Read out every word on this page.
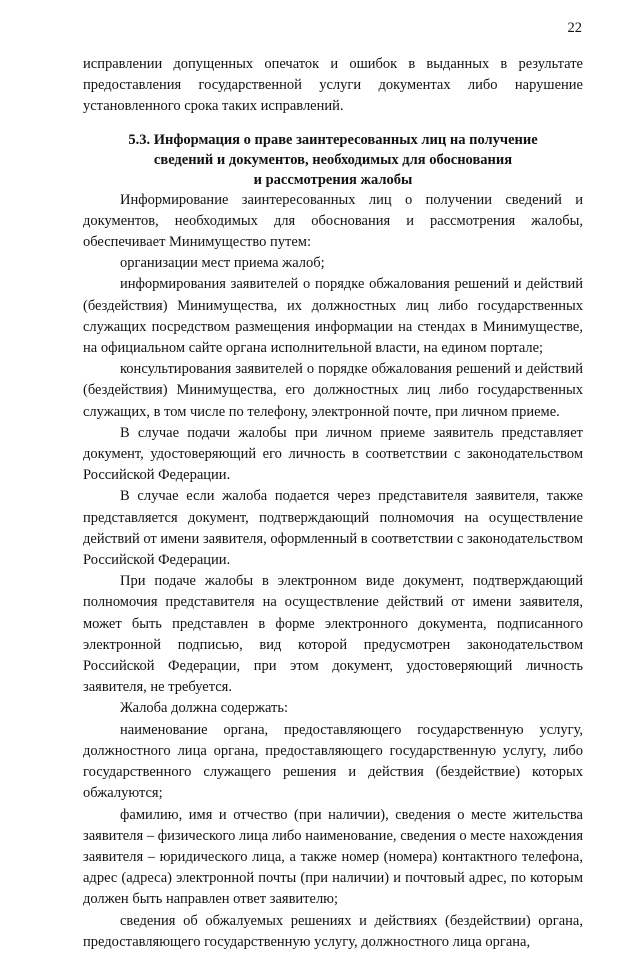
22

исправлении допущенных опечаток и ошибок в выданных в результате предоставления государственной услуги документах либо нарушение установленного срока таких исправлений.

5.3. Информация о праве заинтересованных лиц на получение
сведений и документов, необходимых для обоснования
и рассмотрения жалобы

Информирование заинтересованных лиц о получении сведений и документов, необходимых для обоснования и рассмотрения жалобы, обеспечивает Минимущество путем:

организации мест приема жалоб;

информирования заявителей о порядке обжалования решений и действий (бездействия) Минимущества, их должностных лиц либо государственных служащих посредством размещения информации на стендах в Минимуществе, на официальном сайте органа исполнительной власти, на едином портале;

консультирования заявителей о порядке обжалования решений и действий (бездействия) Минимущества, его должностных лиц либо государственных служащих, в том числе по телефону, электронной почте, при личном приеме.

В случае подачи жалобы при личном приеме заявитель представляет документ, удостоверяющий его личность в соответствии с законодательством Российской Федерации.

В случае если жалоба подается через представителя заявителя, также представляется документ, подтверждающий полномочия на осуществление действий от имени заявителя, оформленный в соответствии с законодательством Российской Федерации.

При подаче жалобы в электронном виде документ, подтверждающий полномочия представителя на осуществление действий от имени заявителя, может быть представлен в форме электронного документа, подписанного электронной подписью, вид которой предусмотрен законодательством Российской Федерации, при этом документ, удостоверяющий личность заявителя, не требуется.

Жалоба должна содержать:

наименование органа, предоставляющего государственную услугу, должностного лица органа, предоставляющего государственную услугу, либо государственного служащего решения и действия (бездействие) которых обжалуются;

фамилию, имя и отчество (при наличии), сведения о месте жительства заявителя – физического лица либо наименование, сведения о месте нахождения заявителя – юридического лица, а также номер (номера) контактного телефона, адрес (адреса) электронной почты (при наличии) и почтовый адрес, по которым должен быть направлен ответ заявителю;

сведения об обжалуемых решениях и действиях (бездействии) органа, предоставляющего государственную услугу, должностного лица органа,
